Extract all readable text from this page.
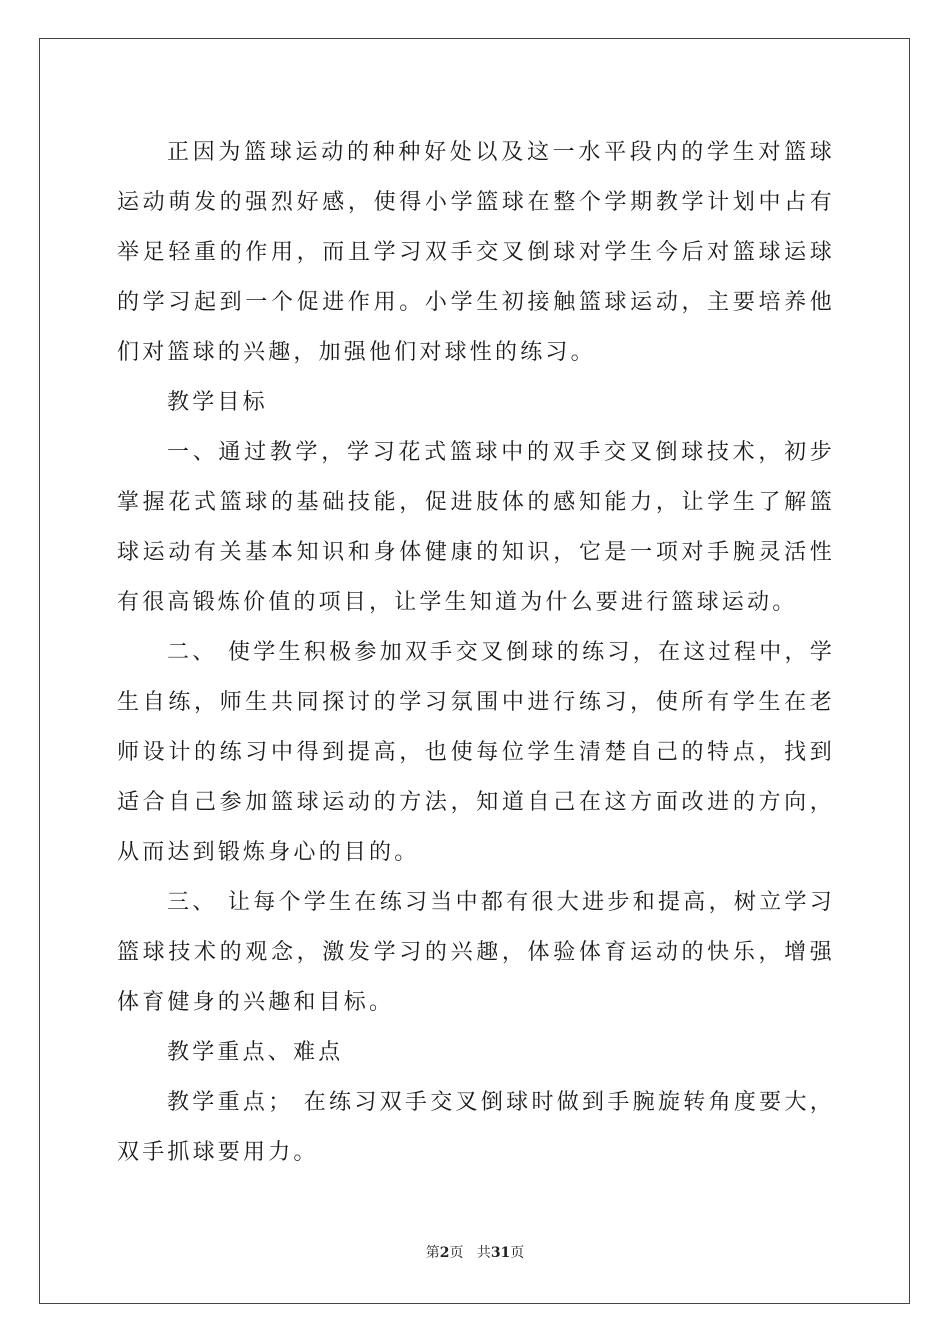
正因为篮球运动的种种好处以及这一水平段内的学生对篮球运动萌发的强烈好感，使得小学篮球在整个学期教学计划中占有举足轻重的作用，而且学习双手交叉倒球对学生今后对篮球运球的学习起到一个促进作用。小学生初接触篮球运动，主要培养他们对篮球的兴趣，加强他们对球性的练习。

教学目标

一、通过教学，学习花式篮球中的双手交叉倒球技术，初步掌握花式篮球的基础技能，促进肢体的感知能力，让学生了解篮球运动有关基本知识和身体健康的知识，它是一项对手腕灵活性有很高锻炼价值的项目，让学生知道为什么要进行篮球运动。

二、 使学生积极参加双手交叉倒球的练习，在这过程中，学生自练，师生共同探讨的学习氛围中进行练习，使所有学生在老师设计的练习中得到提高，也使每位学生清楚自己的特点，找到适合自己参加篮球运动的方法，知道自己在这方面改进的方向，从而达到锻炼身心的目的。

三、 让每个学生在练习当中都有很大进步和提高，树立学习篮球技术的观念，激发学习的兴趣，体验体育运动的快乐，增强体育健身的兴趣和目标。

教学重点、难点

教学重点； 在练习双手交叉倒球时做到手腕旋转角度要大，双手抓球要用力。

第2页 共31页
